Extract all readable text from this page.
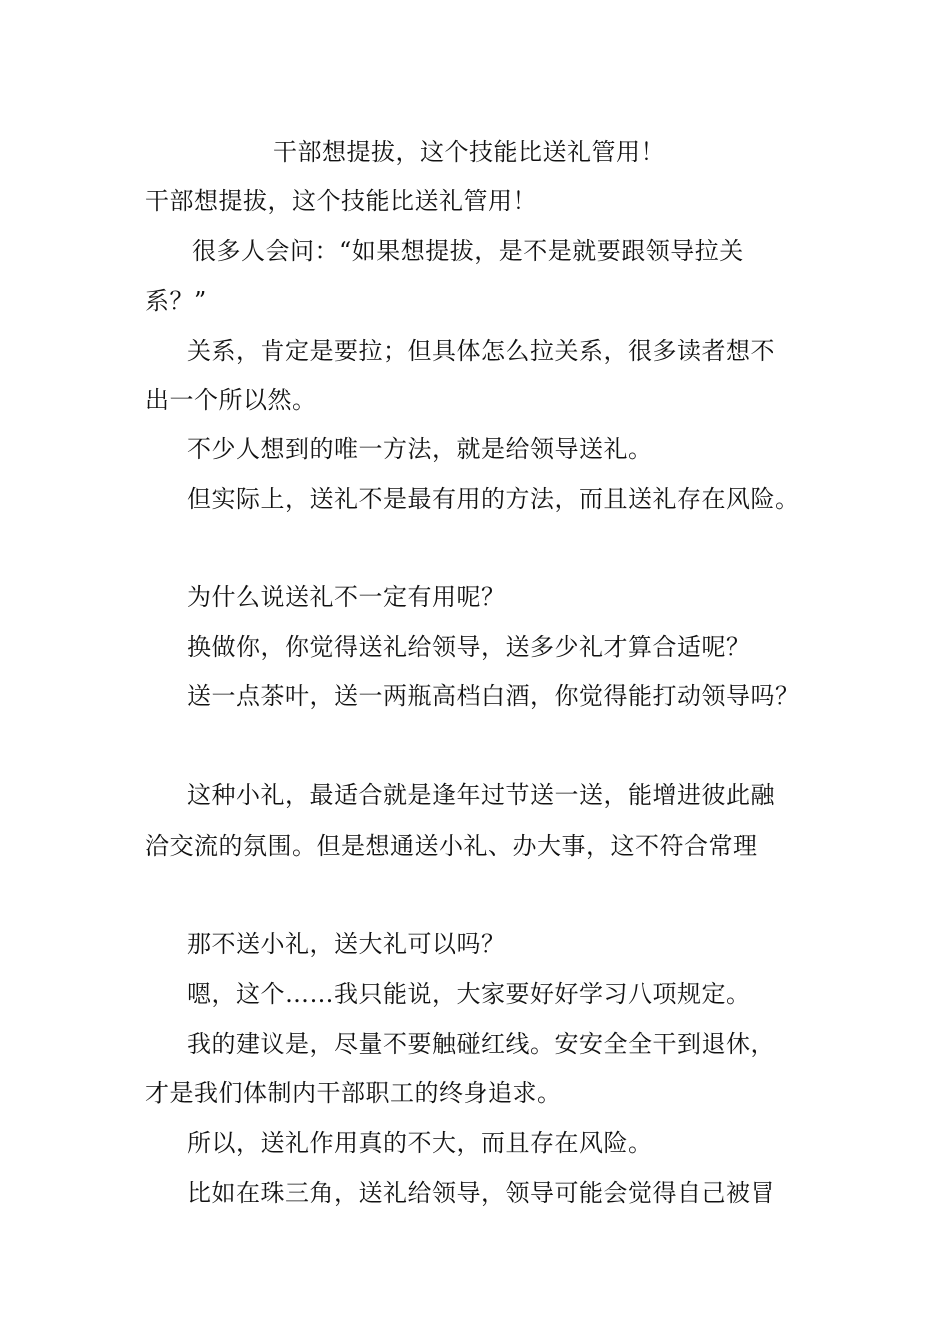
干部想提拔，这个技能比送礼管用！
干部想提拔，这个技能比送礼管用！
很多人会问：“如果想提拔，是不是就要跟领导拉关
系？”
关系，肯定是要拉；但具体怎么拉关系，很多读者想不
出一个所以然。
不少人想到的唯一方法，就是给领导送礼。
但实际上，送礼不是最有用的方法，而且送礼存在风险。
为什么说送礼不一定有用呢？
换做你，你觉得送礼给领导，送多少礼才算合适呢？
送一点茶叶，送一两瓶高档白酒，你觉得能打动领导吗？
这种小礼，最适合就是逢年过节送一送，能增进彼此融
洽交流的氛围。但是想通送小礼、办大事，这不符合常理
那不送小礼，送大礼可以吗？
嗯，这个……我只能说，大家要好好学习八项规定。
我的建议是，尽量不要触碰红线。安安全全干到退休，
才是我们体制内干部职工的终身追求。
所以，送礼作用真的不大，而且存在风险。
比如在珠三角，送礼给领导，领导可能会觉得自己被冒
